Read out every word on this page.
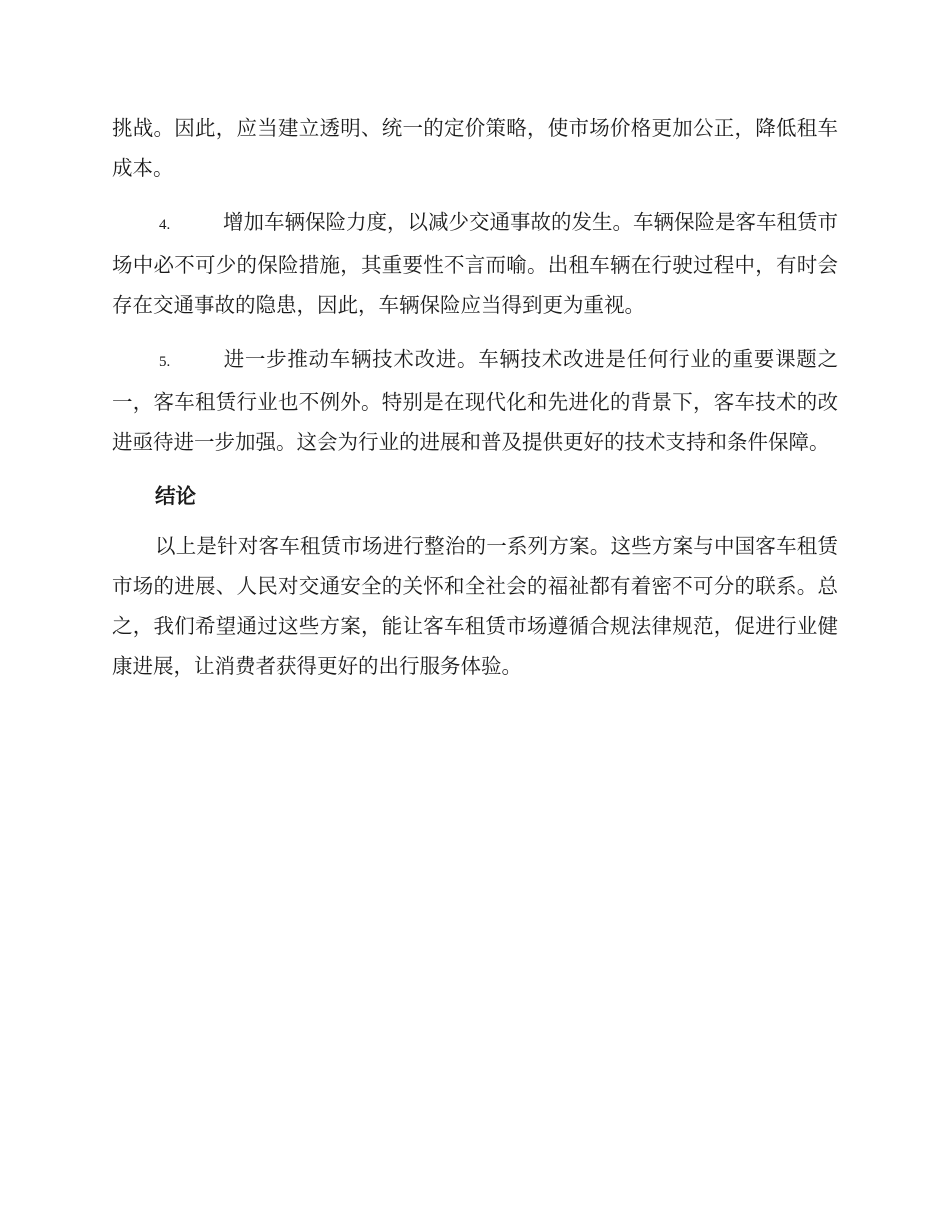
挑战。因此，应当建立透明、统一的定价策略，使市场价格更加公正，降低租车成本。

4.	增加车辆保险力度，以减少交通事故的发生。车辆保险是客车租赁市场中必不可少的保险措施，其重要性不言而喻。出租车辆在行驶过程中，有时会存在交通事故的隐患，因此，车辆保险应当得到更为重视。

5.	进一步推动车辆技术改进。车辆技术改进是任何行业的重要课题之一，客车租赁行业也不例外。特别是在现代化和先进化的背景下，客车技术的改进亟待进一步加强。这会为行业的进展和普及提供更好的技术支持和条件保障。

结论

以上是针对客车租赁市场进行整治的一系列方案。这些方案与中国客车租赁市场的进展、人民对交通安全的关怀和全社会的福祉都有着密不可分的联系。总之，我们希望通过这些方案，能让客车租赁市场遵循合规法律规范，促进行业健康进展，让消费者获得更好的出行服务体验。
